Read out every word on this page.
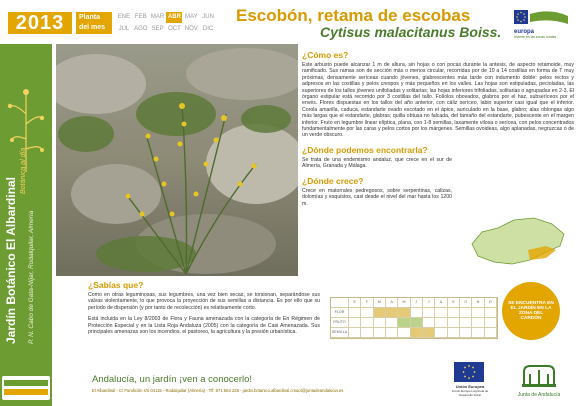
2013	Planta del mes
ENE FEB MAR ABR MAY JUN
JUL AGO SEP OCT NOV DIC
Escobón, retama de escobas
Cytisus malacitanus Boiss. europa
invierte en las zonas rurales
Botánica al día
Jardín Botánico El Albardinal P. N. Cabo de Gata-Níjar, Rodalquilar, Almería
¿Cómo es?
Este arbusto puede alcanzar 1 m de altura, sin hojas o con pocas durante la antesis, de aspecto retamoide, muy ramificado. Sus ramas son de sección más o menos circular, recorridas por de 10 a 14 costillas en forma de T muy próximas, densamente seríceas cuando jóvenes, glabrescentes más tarde con indumento doble: pelos rectos y adpresos en las costillas y pelos crespos y más pequeños en los valles. Las hojas son estipuladas, pecioladas, las superiores de los tallos jóvenes unifoliadas y solitarias; las hojas inferiores trifoliadas, solitarias o agrupadas en 2-3. El órgano estipular está recorrido por 3 costillas del tallo. Folíolos obovados, glabros por el haz, subseríceos por el envés. Flores dispuestas en los tallos del año anterior, con cáliz seríceo, labio superior casi igual que el inferior. Corola amarilla, caduca, estandarte ovado escotado en el ápice, auriculado en la base, glabro; alas oblongas algo más largas que el estandarte, glabras; quilla obtusa no falcada, del tamaño del estandarte, pubescente en el margen inferior. Fruto en legumbre linear elíptica, plana, con 1-8 semillas, laxamente vilosa o serícea, con pelos concentrados fundamentalmente por las caras y pelos cortos por los márgenes. Semillas ovoideas, algo aplanadas, negruzcas o de un verde obscuro.
¿Dónde podemos encontrarla?
Se trata de una endemismo andaluz, que crece en el sur de Almería, Granada y Málaga.
¿Dónde crece?
Crece en matorrales pedregosos, sobre serpentinas, calizas, dolomías y esquistos, casi desde el nivel del mar hasta los 1200 m.
¿Sabías que?
Como en otras leguminosas, sus legumbres, una vez bien secas, se torsionan, separándose sus valvas violentamente, lo que provoca la proyección de sus semillas a distancia. Es por ello que su período de dispersión (y por tanto de recolección) es relativamente corto.
Está incluida en la Ley 8/2003 de Flora y Fauna amenazada con la categoría de En Régimen de Protección Especial y en la Lista Roja Andaluza (2005) con la categoría de Casi Amenazada. Sus principales amenazas son los incendios, el pastoreo, la agricultura y la presión urbanística.
E	F	M	A	M	J	J	A	S	O	N	D
FLOR
FRUTO
SEMILLA
SE ENCUENTRA EN EL JARDÍN EN LA ZONA DEL CARDÓN
Andalucía, un jardín ¡ven a conocerlo!
El Albardinal - C/ Fundición s/n 04115 - Rodalquilar (Almería) - Tlf: 671 564 228 - jardin.botanico.albardinal.cmaot@juntadeandalucia.es
Unión Europea
Fondo Europeo Agrícola de Desarrollo Rural	Junta de Andalucía
